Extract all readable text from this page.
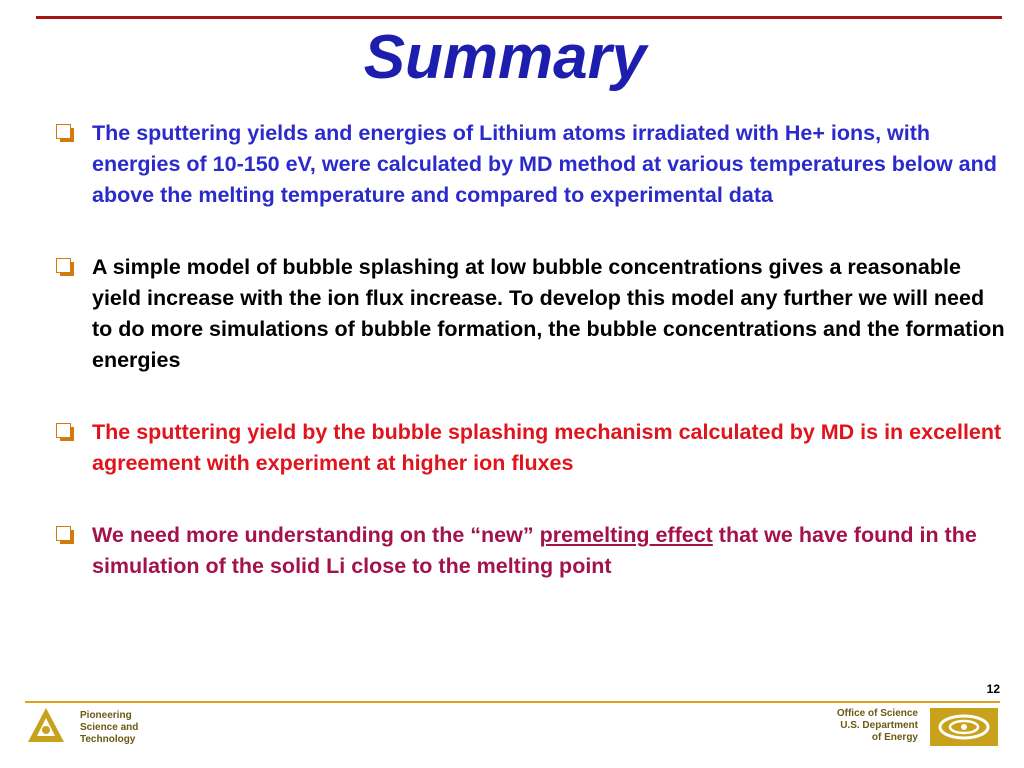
Summary
The sputtering yields and energies of Lithium atoms irradiated with He+ ions, with energies of 10-150 eV, were calculated by MD method at various temperatures below and above the melting temperature and compared to experimental data
A simple model of bubble splashing at low bubble concentrations gives a reasonable yield increase with the ion flux increase. To develop this model any further we will need to do more simulations of bubble formation, the bubble concentrations and the formation energies
The sputtering yield by the bubble splashing mechanism calculated by MD is in excellent agreement with experiment at higher ion fluxes
We need more understanding on the “new” premelting effect that we have found in the simulation of the solid Li close to the melting point
12
Pioneering
Science and
Technology
Office of Science
U.S. Department
of Energy
